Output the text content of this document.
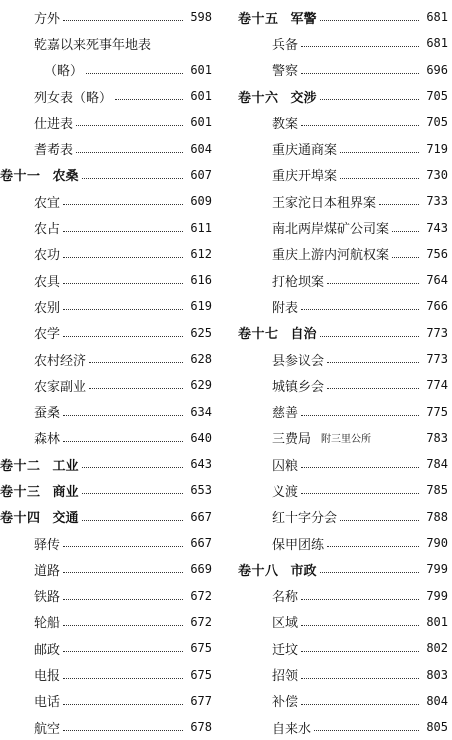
方外	598
乾嘉以来死事年地表
（略）	601
列女表（略）	601
仕进表	601
耆耇表	604
卷十一 农桑	607
农宜	609
农占	611
农功	612
农具	616
农别	619
农学	625
农村经济	628
农家副业	629
蚕桑	634
森林	640
卷十二 工业	643
卷十三 商业	653
卷十四 交通	667
驿传	667
道路	669
铁路	672
轮船	672
邮政	675
电报	675
电话	677
航空	678
卷十五 军警	681
兵备	681
警察	696
卷十六 交涉	705
教案	705
重庆通商案	719
重庆开埠案	730
王家沱日本租界案	733
南北两岸煤矿公司案	743
重庆上游内河航权案	756
打枪坝案	764
附表	766
卷十七 自治	773
县参议会	773
城镇乡会	774
慈善	775
三费局 附三里公所	783
囚粮	784
义渡	785
红十字分会	788
保甲团练	790
卷十八 市政	799
名称	799
区域	801
迁坟	802
招领	803
补偿	804
自来水	805
